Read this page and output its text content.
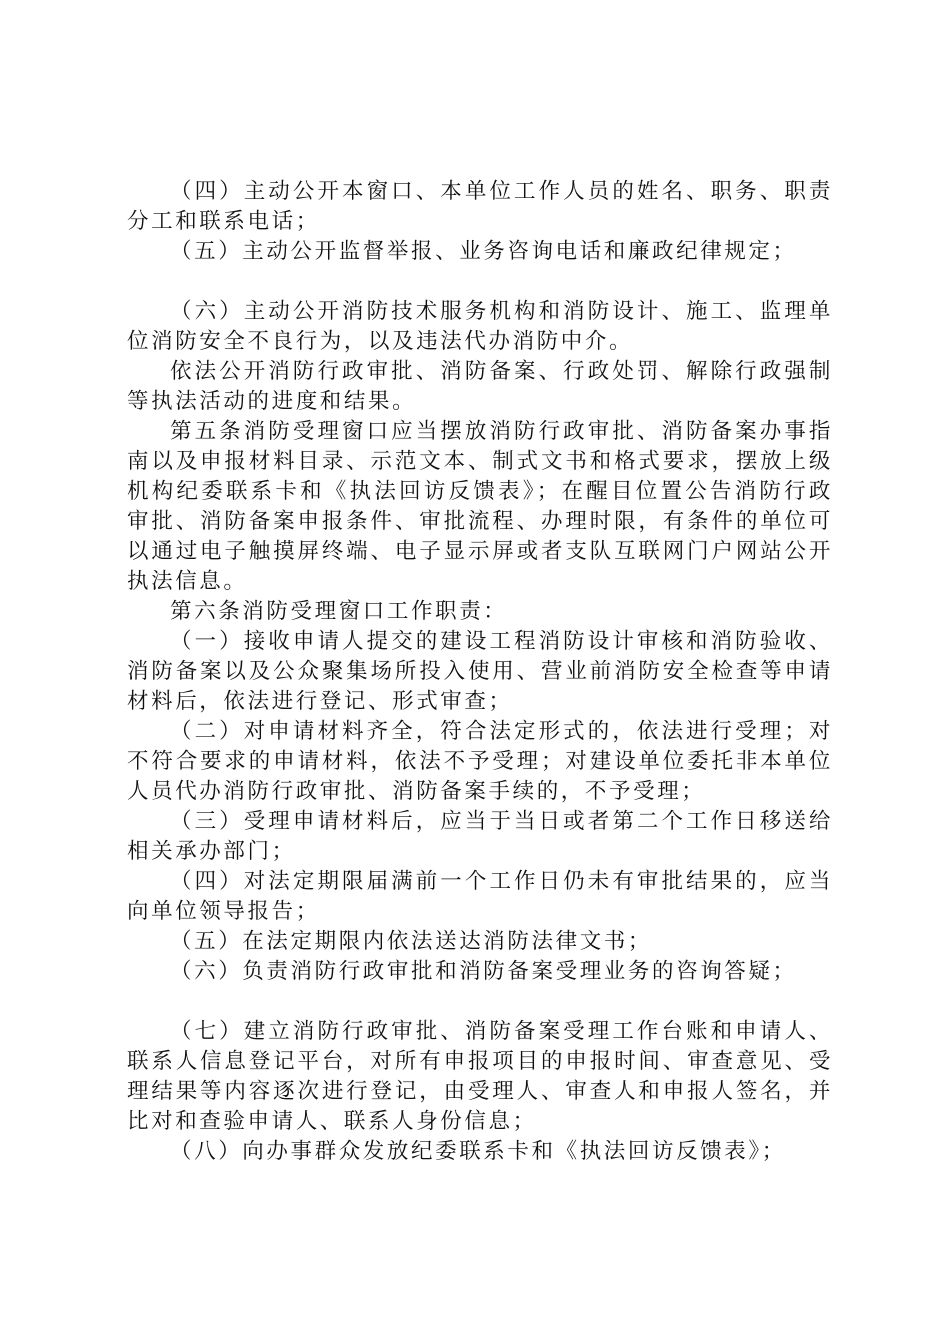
（四）主动公开本窗口、本单位工作人员的姓名、职务、职责分工和联系电话；

（五）主动公开监督举报、业务咨询电话和廉政纪律规定；

（六）主动公开消防技术服务机构和消防设计、施工、监理单位消防安全不良行为，以及违法代办消防中介。

依法公开消防行政审批、消防备案、行政处罚、解除行政强制等执法活动的进度和结果。

第五条消防受理窗口应当摆放消防行政审批、消防备案办事指南以及申报材料目录、示范文本、制式文书和格式要求，摆放上级机构纪委联系卡和《执法回访反馈表》；在醒目位置公告消防行政审批、消防备案申报条件、审批流程、办理时限，有条件的单位可以通过电子触摸屏终端、电子显示屏或者支队互联网门户网站公开执法信息。

第六条消防受理窗口工作职责：

（一）接收申请人提交的建设工程消防设计审核和消防验收、消防备案以及公众聚集场所投入使用、营业前消防安全检查等申请材料后，依法进行登记、形式审查；

（二）对申请材料齐全，符合法定形式的，依法进行受理；对不符合要求的申请材料，依法不予受理；对建设单位委托非本单位人员代办消防行政审批、消防备案手续的，不予受理；

（三）受理申请材料后，应当于当日或者第二个工作日移送给相关承办部门；

（四）对法定期限届满前一个工作日仍未有审批结果的，应当向单位领导报告；

（五）在法定期限内依法送达消防法律文书；

（六）负责消防行政审批和消防备案受理业务的咨询答疑；

（七）建立消防行政审批、消防备案受理工作台账和申请人、联系人信息登记平台，对所有申报项目的申报时间、审查意见、受理结果等内容逐次进行登记，由受理人、审查人和申报人签名，并比对和查验申请人、联系人身份信息；

（八）向办事群众发放纪委联系卡和《执法回访反馈表》；
